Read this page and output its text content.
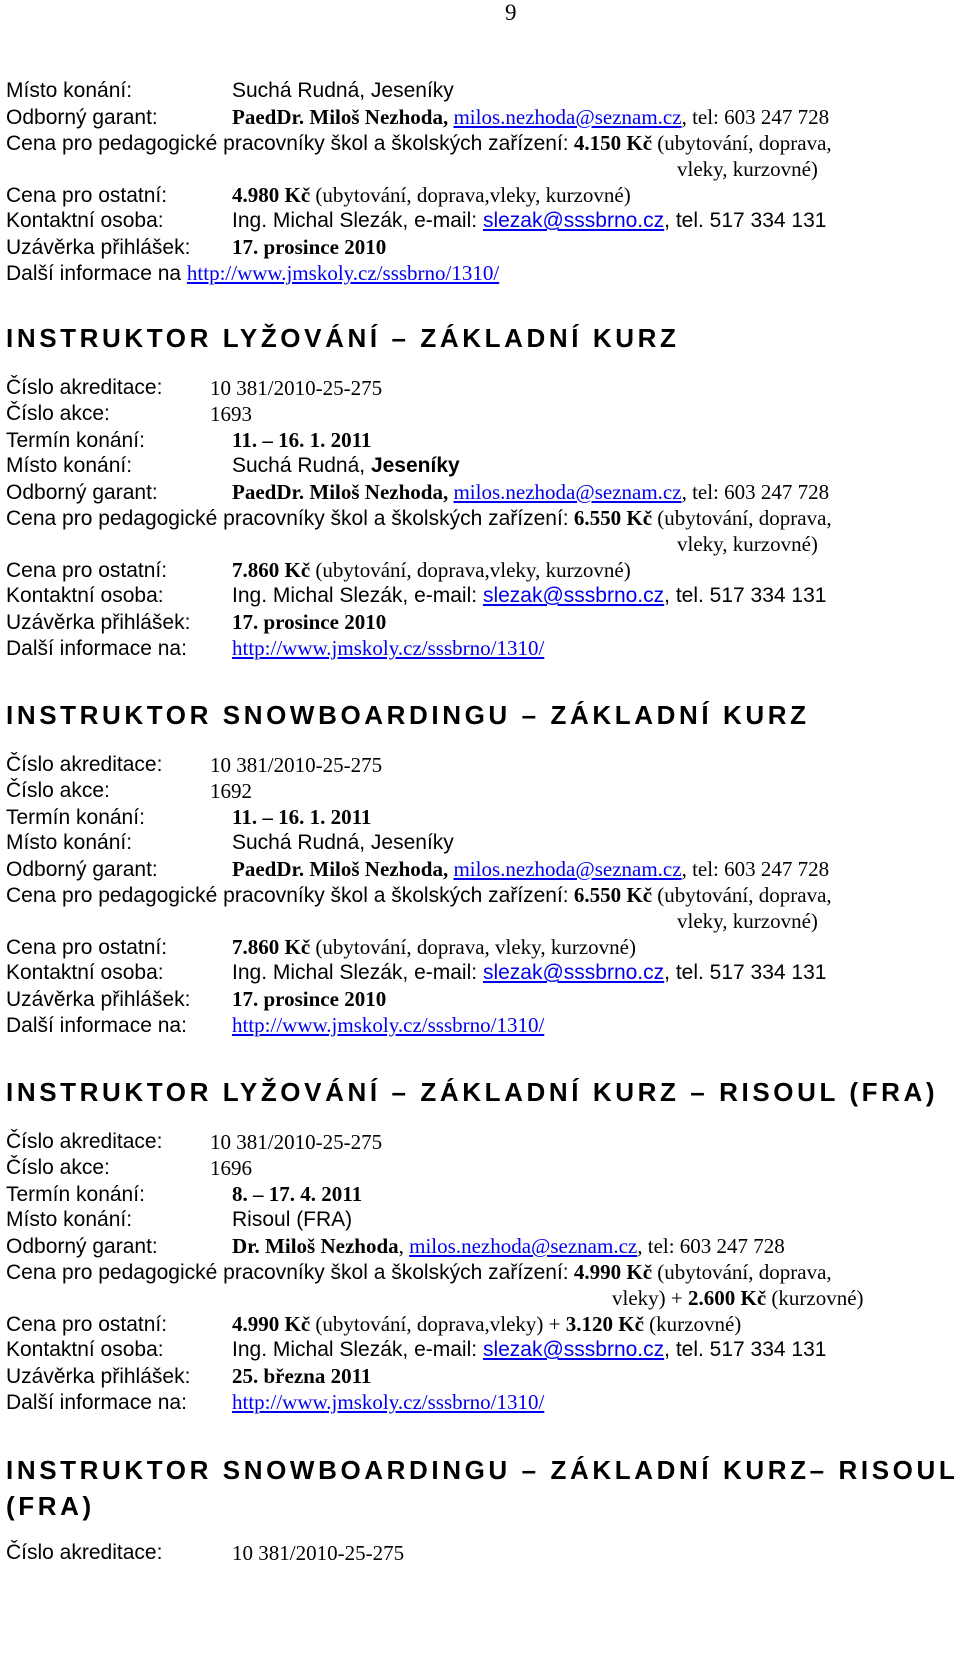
9
Místo konání:	Suchá Rudná, Jeseníky
Odborný garant:	PaedDr. Miloš Nezhoda, milos.nezhoda@seznam.cz, tel: 603 247 728
Cena pro pedagogické pracovníky škol a školských zařízení: 4.150 Kč (ubytování, doprava,
vleky, kurzovné)
Cena pro ostatní:	4.980 Kč (ubytování, doprava,vleky, kurzovné)
Kontaktní osoba:	Ing. Michal Slezák, e-mail: slezak@sssbrno.cz, tel. 517 334 131
Uzávěrka přihlášek: 17. prosince 2010
Další informace na http://www.jmskoly.cz/sssbrno/1310/
INSTRUKTOR LYŽOVÁNÍ – ZÁKLADNÍ KURZ
Číslo akreditace: 10 381/2010-25-275
Číslo akce:	1693
Termín konání:	11. – 16. 1. 2011
Místo konání:	Suchá Rudná, Jeseníky
Odborný garant:	PaedDr. Miloš Nezhoda, milos.nezhoda@seznam.cz, tel: 603 247 728
Cena pro pedagogické pracovníky škol a školských zařízení: 6.550 Kč (ubytování, doprava,
vleky, kurzovné)
Cena pro ostatní:	7.860 Kč (ubytování, doprava,vleky, kurzovné)
Kontaktní osoba:	Ing. Michal Slezák, e-mail: slezak@sssbrno.cz, tel. 517 334 131
Uzávěrka přihlášek: 17. prosince 2010
Další informace na: http://www.jmskoly.cz/sssbrno/1310/
INSTRUKTOR SNOWBOARDINGU – ZÁKLADNÍ KURZ
Číslo akreditace: 10 381/2010-25-275
Číslo akce:	1692
Termín konání:	11. – 16. 1. 2011
Místo konání:	Suchá Rudná, Jeseníky
Odborný garant:	PaedDr. Miloš Nezhoda, milos.nezhoda@seznam.cz, tel: 603 247 728
Cena pro pedagogické pracovníky škol a školských zařízení: 6.550 Kč (ubytování, doprava,
vleky, kurzovné)
Cena pro ostatní:	7.860 Kč (ubytování, doprava, vleky, kurzovné)
Kontaktní osoba:	Ing. Michal Slezák, e-mail: slezak@sssbrno.cz, tel. 517 334 131
Uzávěrka přihlášek: 17. prosince 2010
Další informace na: http://www.jmskoly.cz/sssbrno/1310/
INSTRUKTOR LYŽOVÁNÍ – ZÁKLADNÍ KURZ – RISOUL (FRA)
Číslo akreditace: 10 381/2010-25-275
Číslo akce:	1696
Termín konání:	8. – 17. 4. 2011
Místo konání:	Risoul (FRA)
Odborný garant:	Dr. Miloš Nezhoda, milos.nezhoda@seznam.cz, tel: 603 247 728
Cena pro pedagogické pracovníky škol a školských zařízení: 4.990 Kč (ubytování, doprava,
vleky) + 2.600 Kč (kurzovné)
Cena pro ostatní:	4.990 Kč (ubytování, doprava,vleky) + 3.120 Kč (kurzovné)
Kontaktní osoba:	Ing. Michal Slezák, e-mail: slezak@sssbrno.cz, tel. 517 334 131
Uzávěrka přihlášek: 25. března 2011
Další informace na: http://www.jmskoly.cz/sssbrno/1310/
INSTRUKTOR SNOWBOARDINGU – ZÁKLADNÍ KURZ– RISOUL
(FRA)
Číslo akreditace:	10 381/2010-25-275
